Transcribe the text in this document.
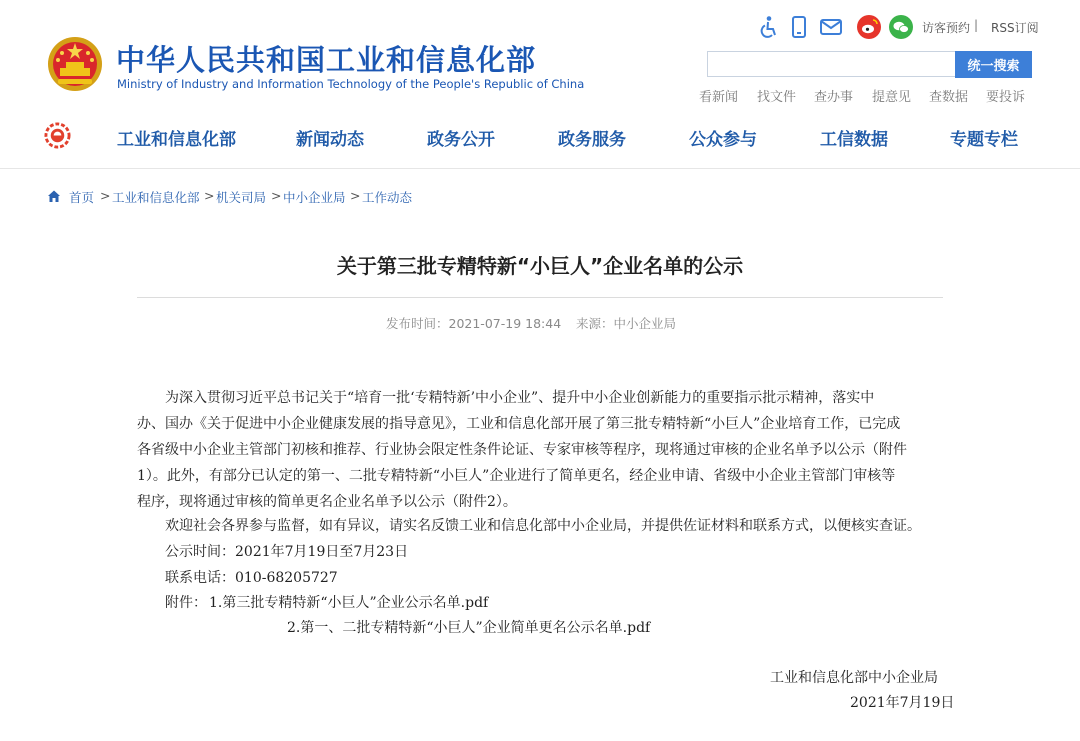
中华人民共和国工业和信息化部
Ministry of Industry and Information Technology of the People's Republic of China
访客预约 | RSS订阅
统一搜索
看新闻 找文件 查办事 提意见 查数据 要投诉
工业和信息化部	新闻动态	政务公开	政务服务	公众参与	工信数据	专题专栏
首页 > 工业和信息化部 > 机关司局 > 中小企业局 > 工作动态
关于第三批专精特新“小巨人”企业名单的公示
发布时间：2021-07-19 18:44 来源：中小企业局
为深入贯彻习近平总书记关于“培育一批‘专精特新’中小企业”、提升中小企业创新能力的重要指示批示精神，落实中
办、国办《关于促进中小企业健康发展的指导意见》，工业和信息化部开展了第三批专精特新“小巨人”企业培育工作，已完成
各省级中小企业主管部门初核和推荐、行业协会限定性条件论证、专家审核等程序，现将通过审核的企业名单予以公示（附件
1）。此外，有部分已认定的第一、二批专精特新“小巨人”企业进行了简单更名，经企业申请、省级中小企业主管部门审核等
程序，现将通过审核的简单更名企业名单予以公示（附件2）。
欢迎社会各界参与监督，如有异议，请实名反馈工业和信息化部中小企业局，并提供佐证材料和联系方式，以便核实查证。
公示时间：2021年7月19日至7月23日
联系电话：010-68205727
附件： 1.第三批专精特新“小巨人”企业公示名单.pdf
2.第一、二批专精特新“小巨人”企业简单更名公示名单.pdf
工业和信息化部中小企业局
2021年7月19日
